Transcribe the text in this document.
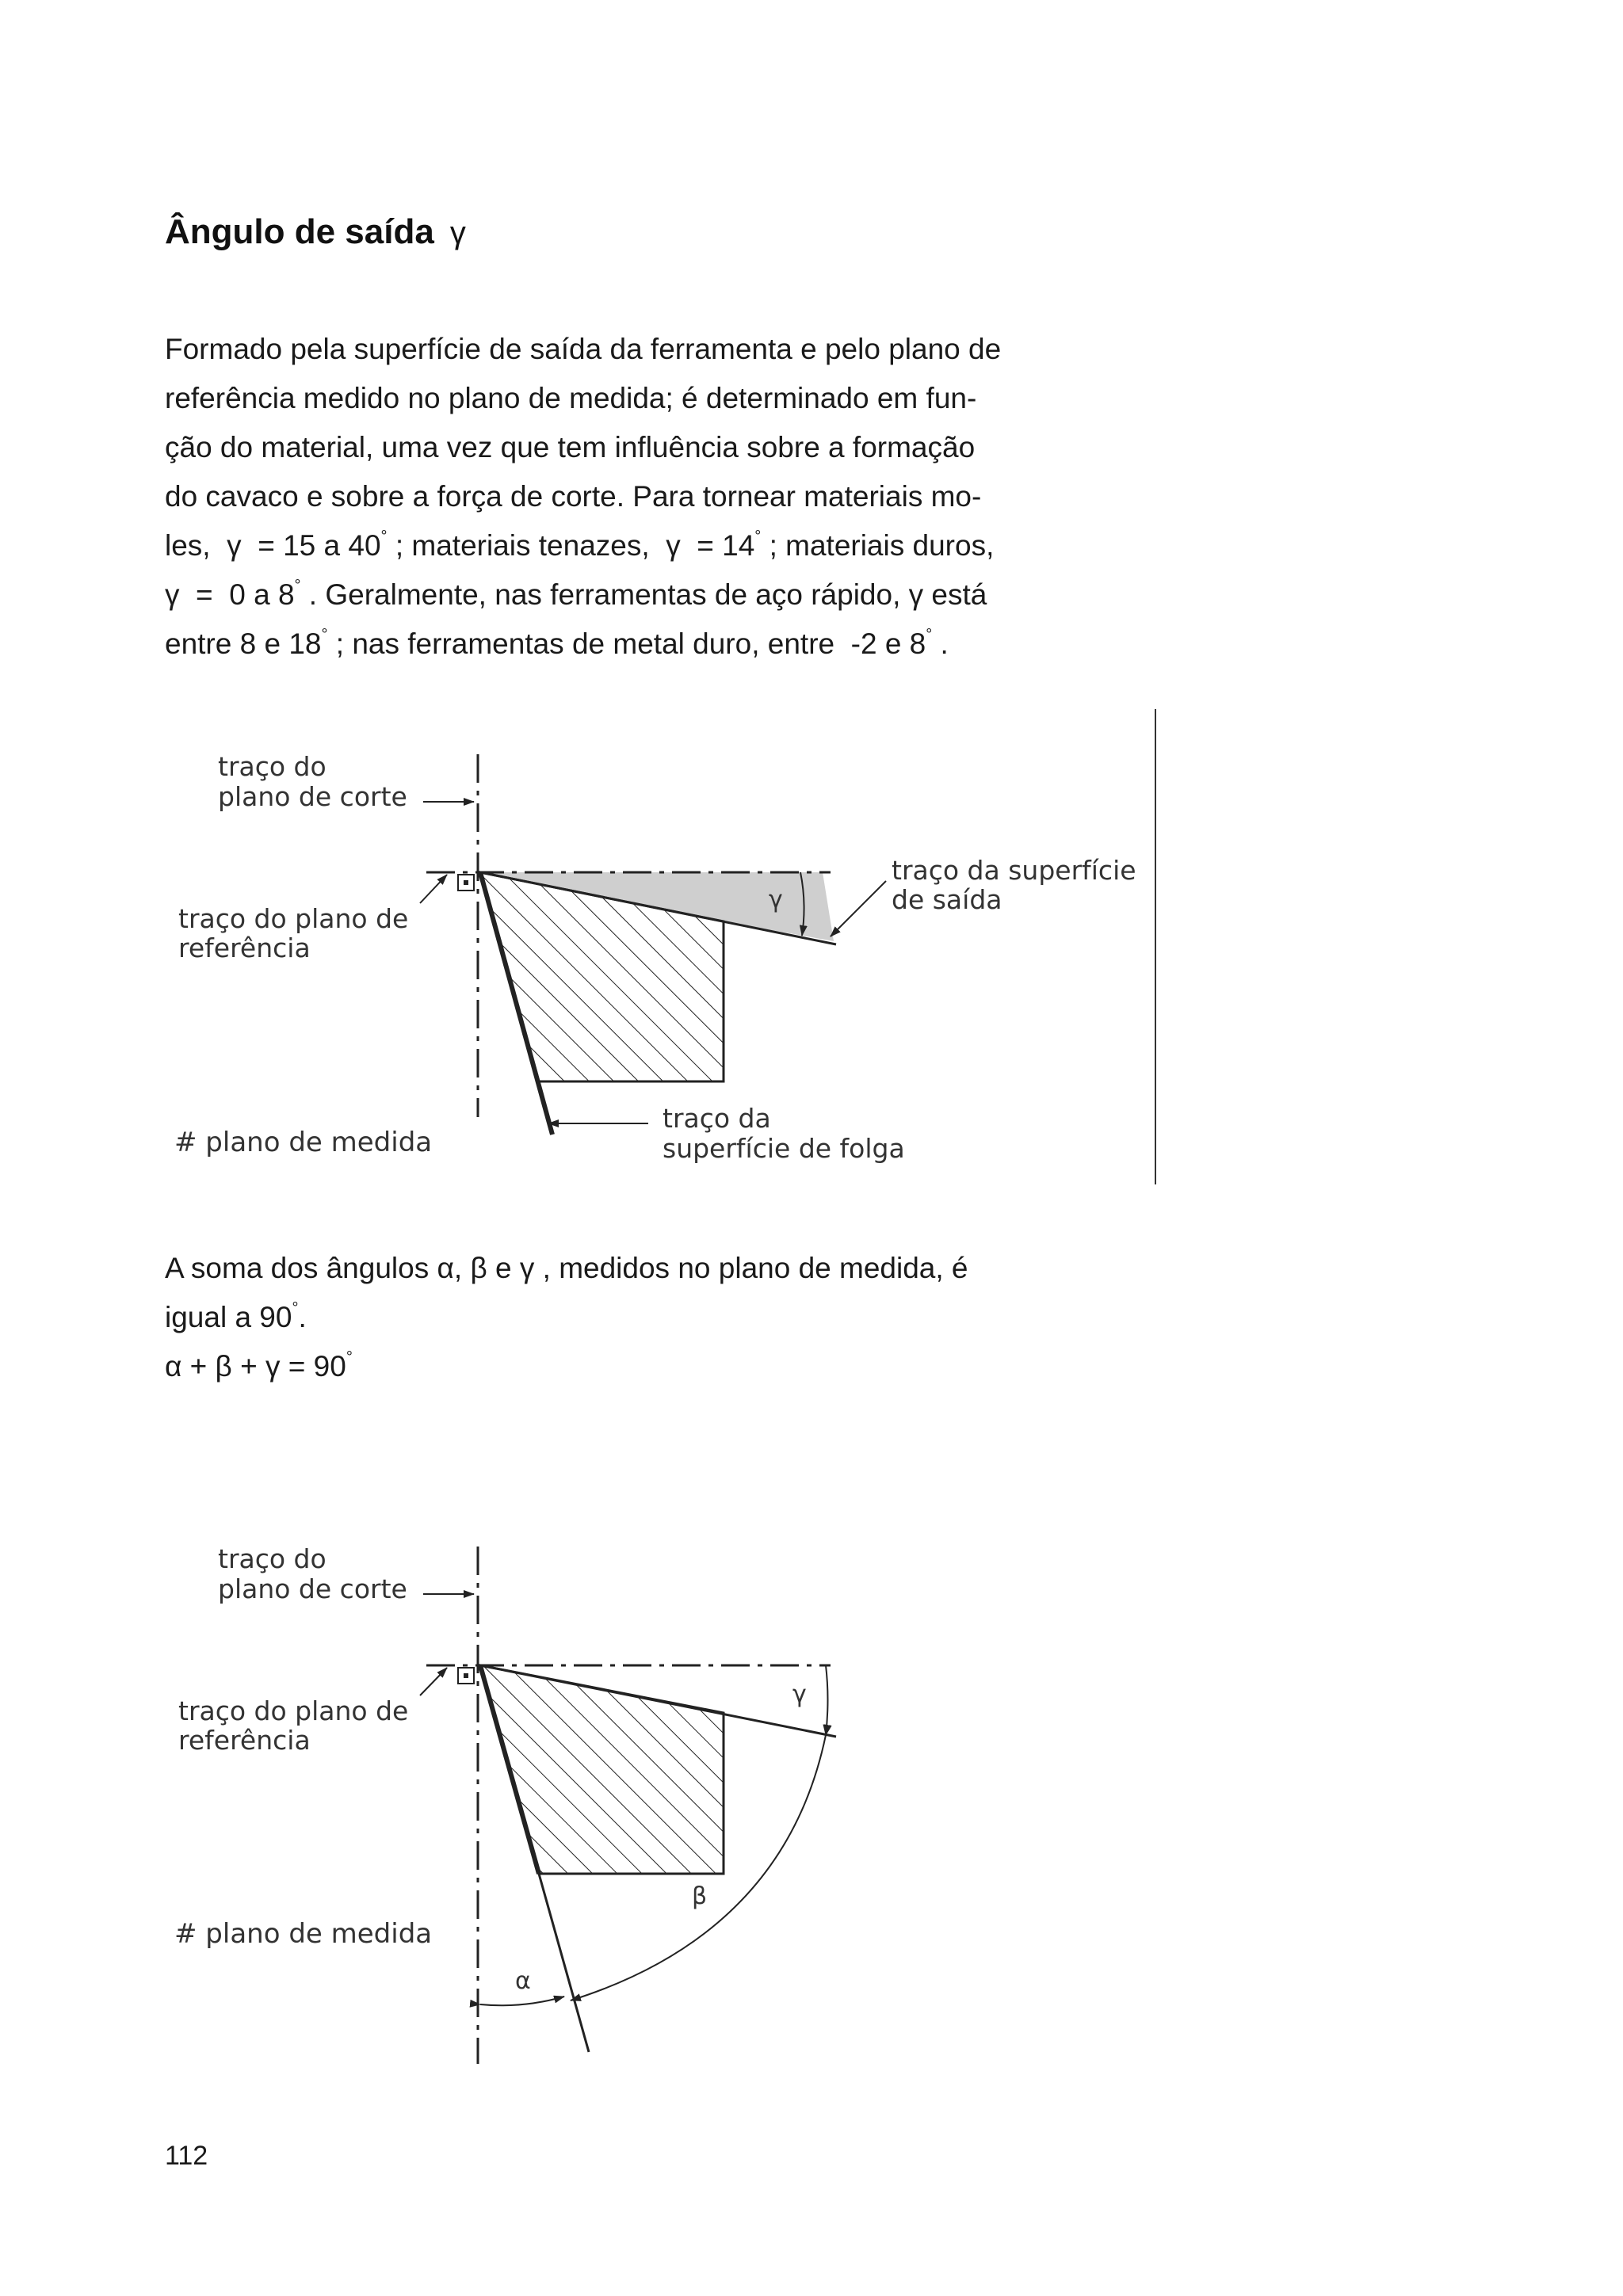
Ângulo de saída γ
Formado pela superfície de saída da ferramenta e pelo plano de
referência medido no plano de medida; é determinado em fun-
ção do material, uma vez que tem influência sobre a formação
do cavaco e sobre a força de corte. Para tornear materiais mo-
les,  γ  = 15 a 40° ; materiais tenazes,  γ  = 14° ; materiais duros,
γ  =  0 a 8° . Geralmente, nas ferramentas de aço rápido, γ está
entre 8 e 18° ; nas ferramentas de metal duro, entre  -2 e 8° .
traço do
plano de corte
traço do plano de
referência
traço da superfície
de saída
γ
# plano de medida
traço da
superfície de folga
A soma dos ângulos α, β e γ , medidos no plano de medida, é
igual a 90°.
α + β + γ = 90°
traço do
plano de corte
traço do plano de
referência
# plano de medida
γ
β
α

112
